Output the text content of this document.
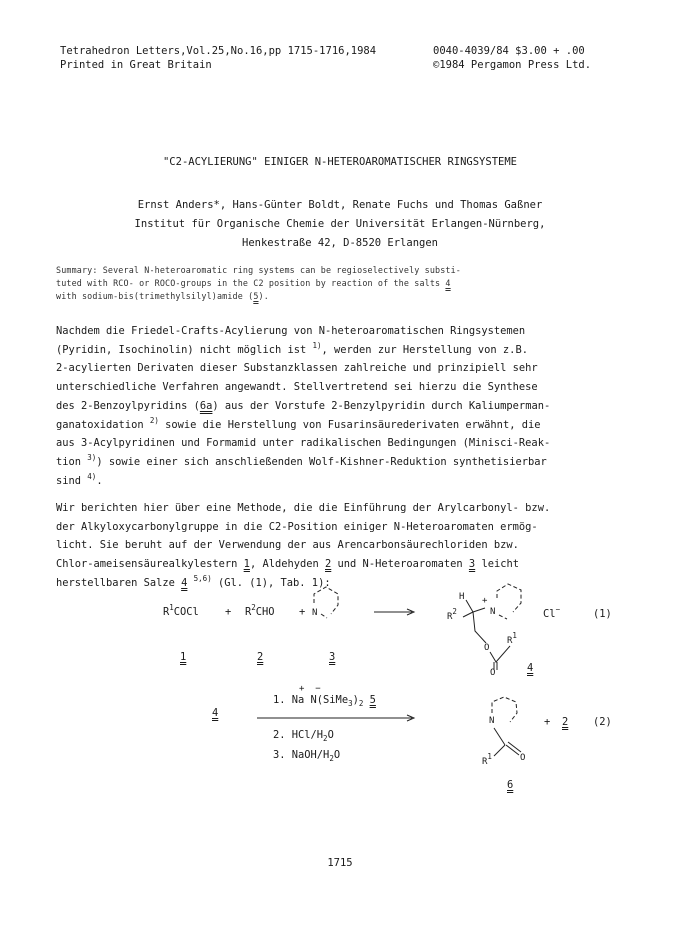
Tetrahedron Letters,Vol.25,No.16,pp 1715-1716,1984
Printed in Great Britain
0040-4039/84 $3.00 + .00
©1984 Pergamon Press Ltd.
"C2-ACYLIERUNG" EINIGER N-HETEROAROMATISCHER RINGSYSTEME
Ernst Anders*, Hans-Günter Boldt, Renate Fuchs und Thomas Gaßner
Institut für Organische Chemie der Universität Erlangen-Nürnberg,
Henkestraße 42, D-8520 Erlangen
Summary: Several N-heteroaromatic ring systems can be regioselectively substi-
tuted with RCO- or ROCO-groups in the C2 position by reaction of the salts 4
with sodium-bis(trimethylsilyl)amide (5).
Nachdem die Friedel-Crafts-Acylierung von N-heteroaromatischen Ringsystemen
(Pyridin, Isochinolin) nicht möglich ist $^{1)}$, werden zur Herstellung von z.B.
2-acylierten Derivaten dieser Substanzklassen zahlreiche und prinzipiell sehr
unterschiedliche Verfahren angewandt. Stellvertretend sei hierzu die Synthese
des 2-Benzoylpyridins (6a) aus der Vorstufe 2-Benzylpyridin durch Kaliumperman-
ganatoxidation $^{2)}$ sowie die Herstellung von Fusarinsäurederivaten erwähnt, die
aus 3-Acylpyridinen und Formamid unter radikalischen Bedingungen (Minisci-Reak-
tion $^{3)}$) sowie einer sich anschließenden Wolf-Kishner-Reduktion synthetisierbar
sind $^{4)}$.
Wir berichten hier über eine Methode, die die Einführung der Arylcarbonyl- bzw.
der Alkyloxycarbonylgruppe in die C2-Position einiger N-Heteroaromaten ermög-
licht. Sie beruht auf der Verwendung der aus Arencarbonsäurechloriden bzw.
Chlor-ameisensäurealkylestern 1, Aldehyden 2 und N-Heteroaromaten 3 leicht
herstellbaren Salze 4 $^{5,6)}$ (Gl. (1), Tab. 1):
$R^1COCl$	+ $R^2CHO + N$
1	2	3
H +
N
$R^2$
O
$R^1$
O	4
Cl−	(1)
4
+  −
1. Na $N(SiMe_3)_2$ 5
2. HCl/$H_2O$
3. NaOH/$H_2O$
N
$R^1$	O
6
+ 2 (2)
1715
